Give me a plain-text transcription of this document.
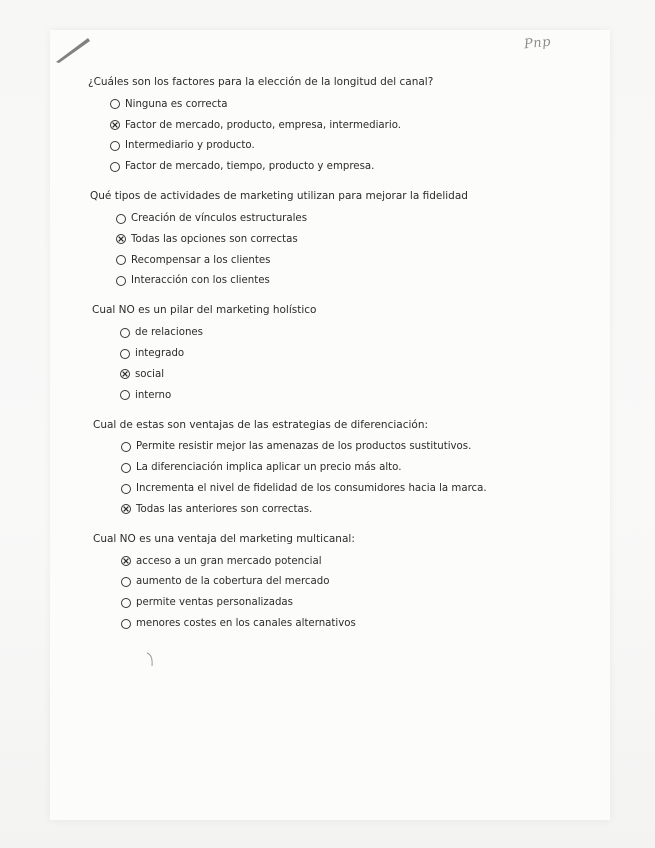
Pnp
¿Cuáles son los factores para la elección de la longitud del canal?
Ninguna es correcta
Factor de mercado, producto, empresa, intermediario.
Intermediario y producto.
Factor de mercado, tiempo, producto y empresa.
Qué tipos de actividades de marketing utilizan para mejorar la fidelidad
Creación de vínculos estructurales
Todas las opciones son correctas
Recompensar a los clientes
Interacción con los clientes
Cual NO es un pilar del marketing holístico
de relaciones
integrado
social
interno
Cual de estas son ventajas de las estrategias de diferenciación:
Permite resistir mejor las amenazas de los productos sustitutivos.
La diferenciación implica aplicar un precio más alto.
Incrementa el nivel de fidelidad de los consumidores hacia la marca.
Todas las anteriores son correctas.
Cual NO es una ventaja del marketing multicanal:
acceso a un gran mercado potencial
aumento de la cobertura del mercado
permite ventas personalizadas
menores costes en los canales alternativos
